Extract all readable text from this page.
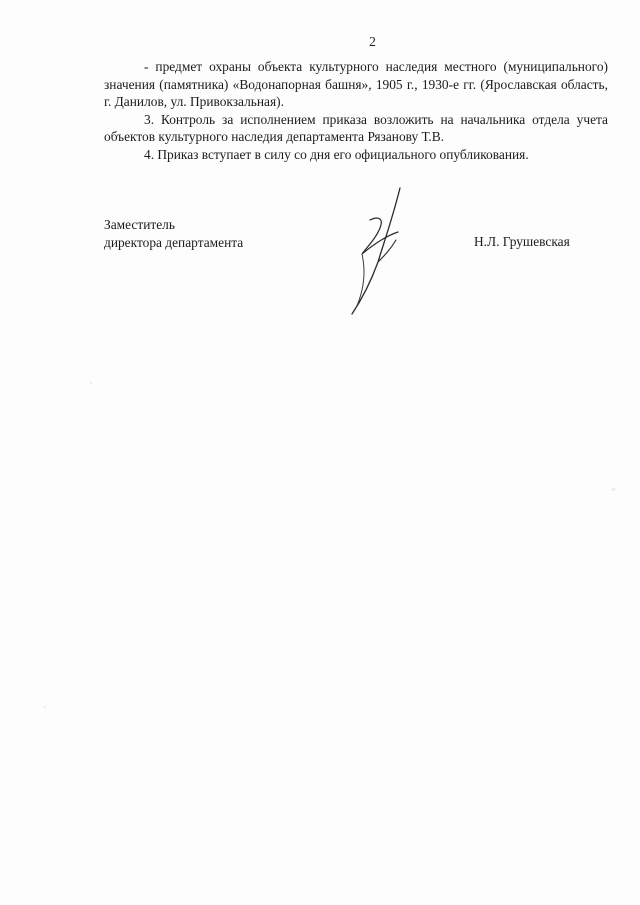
2

- предмет охраны объекта культурного наследия местного (муниципального) значения (памятника) «Водонапорная башня», 1905 г., 1930-е гг. (Ярославская область, г. Данилов, ул. Привокзальная).

3. Контроль за исполнением приказа возложить на начальника отдела учета объектов культурного наследия департамента Рязанову Т.В.

4. Приказ вступает в силу со дня его официального опубликования.

Заместитель
директора департамента	Н.Л. Грушевская
